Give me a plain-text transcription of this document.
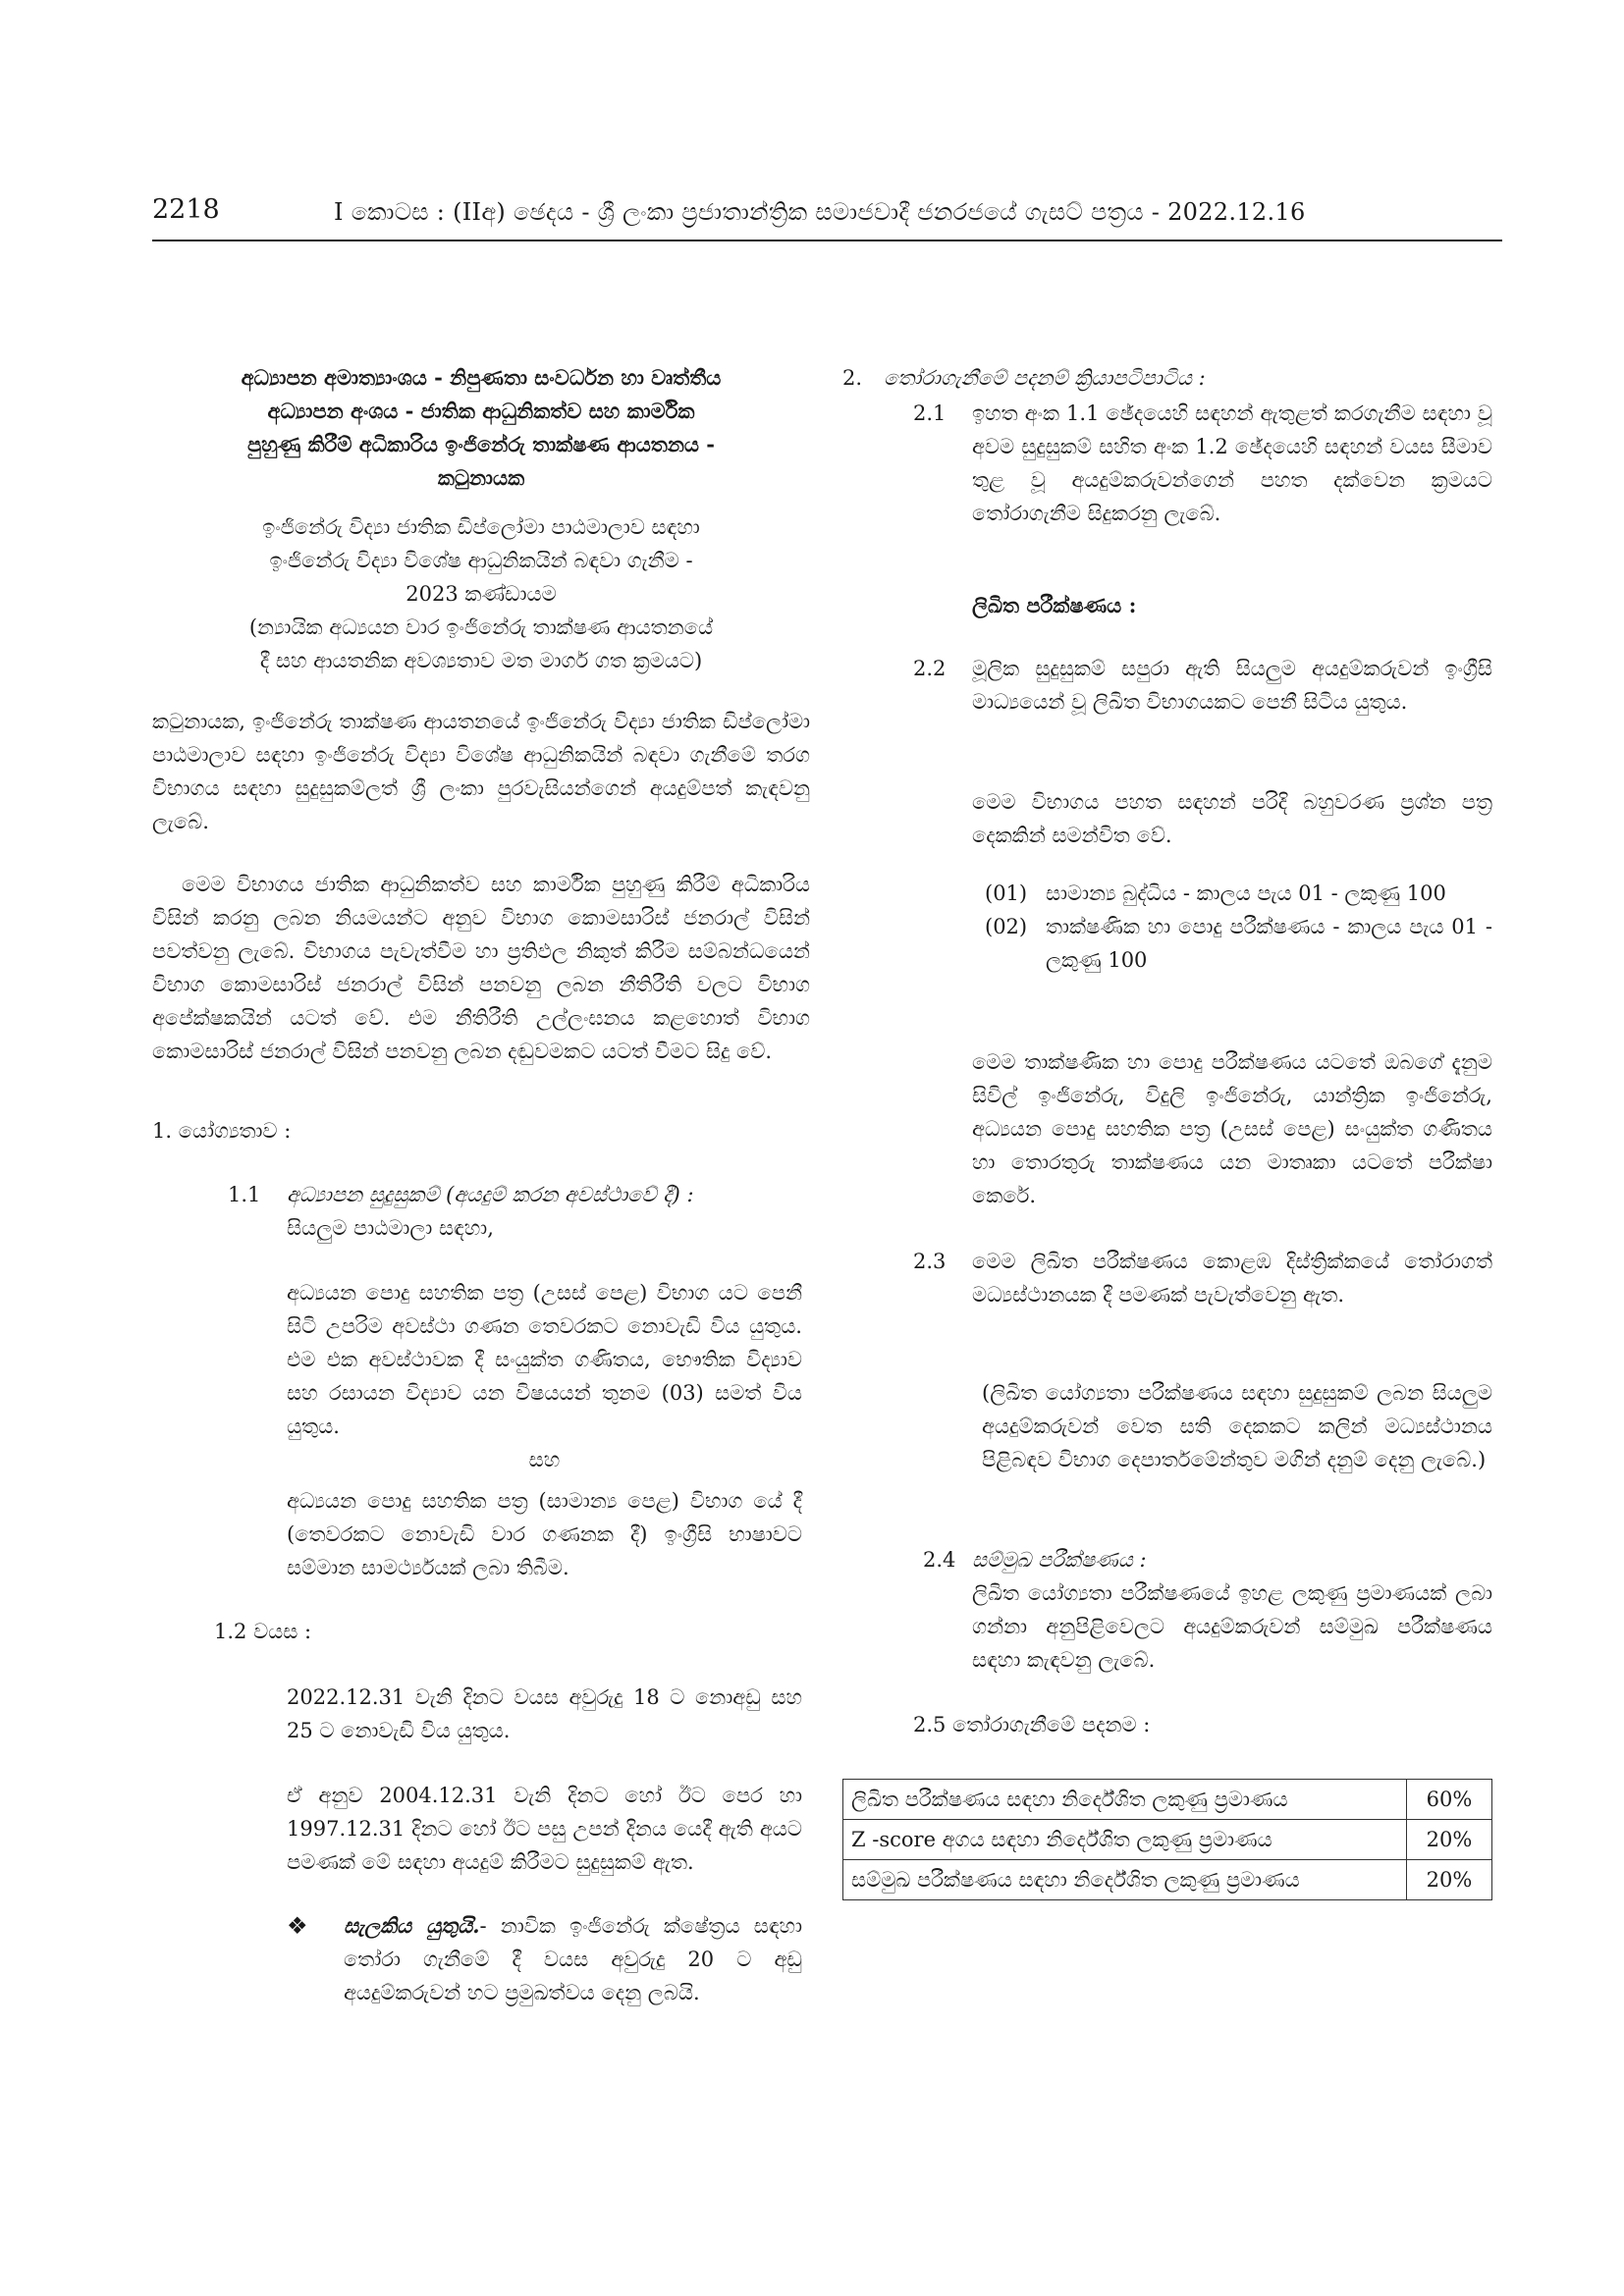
2218	I කොටස : (IIඅ) ඡෙදය - ශ්‍රී ලංකා ප්‍රජාතාන්ත්‍රික සමාජවාදී ජනරජයේ ගැසට් පත්‍රය - 2022.12.16

අධ්‍යාපන අමාත්‍යාංශය - නිපුණතා සංවර්ධන හා වෘත්තීය

අධ්‍යාපන අංශය - ජාතික ආධුනිකත්ව සහ කාර්මික

පුහුණු කිරීම් අධිකාරිය ඉංජිනේරු තාක්ෂණ ආයතනය -

කටුනායක

ඉංජිනේරු විද්‍යා ජාතික ඩිප්ලෝමා පාඨමාලාව සඳහා

ඉංජිනේරු විද්‍යා විශේෂ ආධුනිකයින් බඳවා ගැනීම -

2023 කණ්ඩායම

(න්‍යායික අධ්‍යයන වාර ඉංජිනේරු තාක්ෂණ ආයතනයේ

දී සහ ආයතනික අවශ්‍යතාව මත මාර්ග ගත ක්‍රමයට)

කටුනායක, ඉංජිනේරු තාක්ෂණ ආයතනයේ ඉංජිනේරු විද්‍යා ජාතික ඩිප්ලෝමා පාඨමාලාව සඳහා ඉංජිනේරු විද්‍යා විශේෂ ආධුනිකයින් බඳවා ගැනීමේ තරග විභාගය සඳහා සුදුසුකම්ලත් ශ්‍රී ලංකා පුරවැසියන්ගෙන් අයදුම්පත් කැඳවනු ලැබේ.

මෙම විභාගය ජාතික ආධුනිකත්ව සහ කාර්මික පුහුණු කිරීම් අධිකාරිය විසින් කරනු ලබන නියමයන්ට අනුව විභාග කොමසාරිස් ජනරාල් විසින් පවත්වනු ලැබේ. විභාගය පැවැත්වීම හා ප්‍රතිඵල නිකුත් කිරීම සම්බන්ධයෙන් විභාග කොමසාරිස් ජනරාල් විසින් පනවනු ලබන නීතිරීති වලට විභාග අපේක්ෂකයින් යටත් වේ. එම නීතිරීති උල්ලංඝනය කළහොත් විභාග කොමසාරිස් ජනරාල් විසින් පනවනු ලබන දඬුවමකට යටත් වීමට සිදු වේ.

1. යෝග්‍යතාව :

1.1 අධ්‍යාපන සුදුසුකම් (අයදුම් කරන අවස්ථාවේ දී) :

සියලුම පාඨමාලා සඳහා,

අධ්‍යයන පොදු සහතික පත්‍ර (උසස් පෙළ) විභාග යට පෙනී සිටි උපරිම අවස්ථා ගණන තෙවරකට නොවැඩි විය යුතුය. එම එක අවස්ථාවක දී සංයුක්ත ගණිතය, භෞතික විද්‍යාව සහ රසායන විද්‍යාව යන විෂයයන් තුනම (03) සමත් විය යුතුය.

සහ

අධ්‍යයන පොදු සහතික පත්‍ර (සාමාන්‍ය පෙළ) විභාග යේ දී (තෙවරකට නොවැඩි වාර ගණනක දී) ඉංග්‍රීසි භාෂාවට සම්මාන සාමර්ථ්‍යයක් ලබා තිබීම.

1.2 වයස :

2022.12.31 වැනි දිනට වයස අවුරුදු 18 ට නොඅඩු සහ 25 ට නොවැඩි විය යුතුය.

ඒ අනුව 2004.12.31 වැනි දිනට හෝ ඊට පෙර හා 1997.12.31 දිනට හෝ ඊට පසු උපන් දිනය යෙදී ඇති අයට පමණක් මේ සඳහා අයදුම් කිරීමට සුදුසුකම් ඇත.

❖ සැලකිය යුතුයි.- නාවික ඉංජිනේරු ක්ෂේත්‍රය සඳහා තෝරා ගැනීමේ දී වයස අවුරුදු 20 ට අඩු අයදුම්කරුවන් හට ප්‍රමුඛත්වය දෙනු ලබයි.

2. තෝරාගැනීමේ පදනම් ක්‍රියාපටිපාටිය :

2.1 ඉහත අංක 1.1 ඡේදයෙහි සඳහන් ඇතුළත් කරගැනීම සඳහා වූ අවම සුදුසුකම් සහිත අංක 1.2 ඡේදයෙහි සඳහන් වයස සීමාව තුළ වූ අයදුම්කරුවන්ගෙන් පහත දක්වෙන ක්‍රමයට තෝරාගැනීම සිදුකරනු ලැබේ.

ලිඛිත පරීක්ෂණය :

2.2 මූලික සුදුසුකම් සපුරා ඇති සියලුම අයදුම්කරුවන් ඉංග්‍රීසි මාධ්‍යයෙන් වූ ලිඛිත විභාගයකට පෙනී සිටිය යුතුය.

මෙම විභාගය පහත සඳහන් පරිදි බහුවරණ ප්‍රශ්න පත්‍ර දෙකකින් සමන්විත වේ.

(01) සාමාන්‍ය බුද්ධිය - කාලය පැය 01 - ලකුණු 100
(02) තාක්ෂණික හා පොදු පරීක්ෂණය - කාලය පැය 01 - ලකුණු 100

මෙම තාක්ෂණික හා පොදු පරීක්ෂණය යටතේ ඔබගේ දැනුම සිවිල් ඉංජිනේරු, විදුලි ඉංජිනේරු, යාන්ත්‍රික ඉංජිනේරු, අධ්‍යයන පොදු සහතික පත්‍ර (උසස් පෙළ) සංයුක්ත ගණිතය හා තොරතුරු තාක්ෂණය යන මාතෘකා යටතේ පරීක්ෂා කෙරේ.

2.3 මෙම ලිඛිත පරීක්ෂණය කොළඹ දිස්ත්‍රික්කයේ තෝරාගත් මධ්‍යස්ථානයක දී පමණක් පැවැත්වෙනු ඇත.

(ලිඛිත යෝග්‍යතා පරීක්ෂණය සඳහා සුදුසුකම් ලබන සියලුම අයදුම්කරුවන් වෙත සති දෙකකට කලින් මධ්‍යස්ථානය පිළිබඳව විභාග දෙපාර්තමේන්තුව මගින් දනුම් දෙනු ලැබේ.)

2.4 සම්මුඛ පරීක්ෂණය :

ලිඛිත යෝග්‍යතා පරීක්ෂණයේ ඉහළ ලකුණු ප්‍රමාණයක් ලබා ගන්නා අනුපිළිවෙලට අයදුම්කරුවන් සම්මුඛ පරීක්ෂණය සඳහා කැඳවනු ලැබේ.

2.5 තෝරාගැනීමේ පදනම :

ලිඛිත පරීක්ෂණය සඳහා නිර්දේශිත ලකුණු ප්‍රමාණය	60%
Z -score අගය සඳහා නිර්දේශිත ලකුණු ප්‍රමාණය	20%
සම්මුඛ පරීක්ෂණය සඳහා නිර්දේශිත ලකුණු ප්‍රමාණය	20%
